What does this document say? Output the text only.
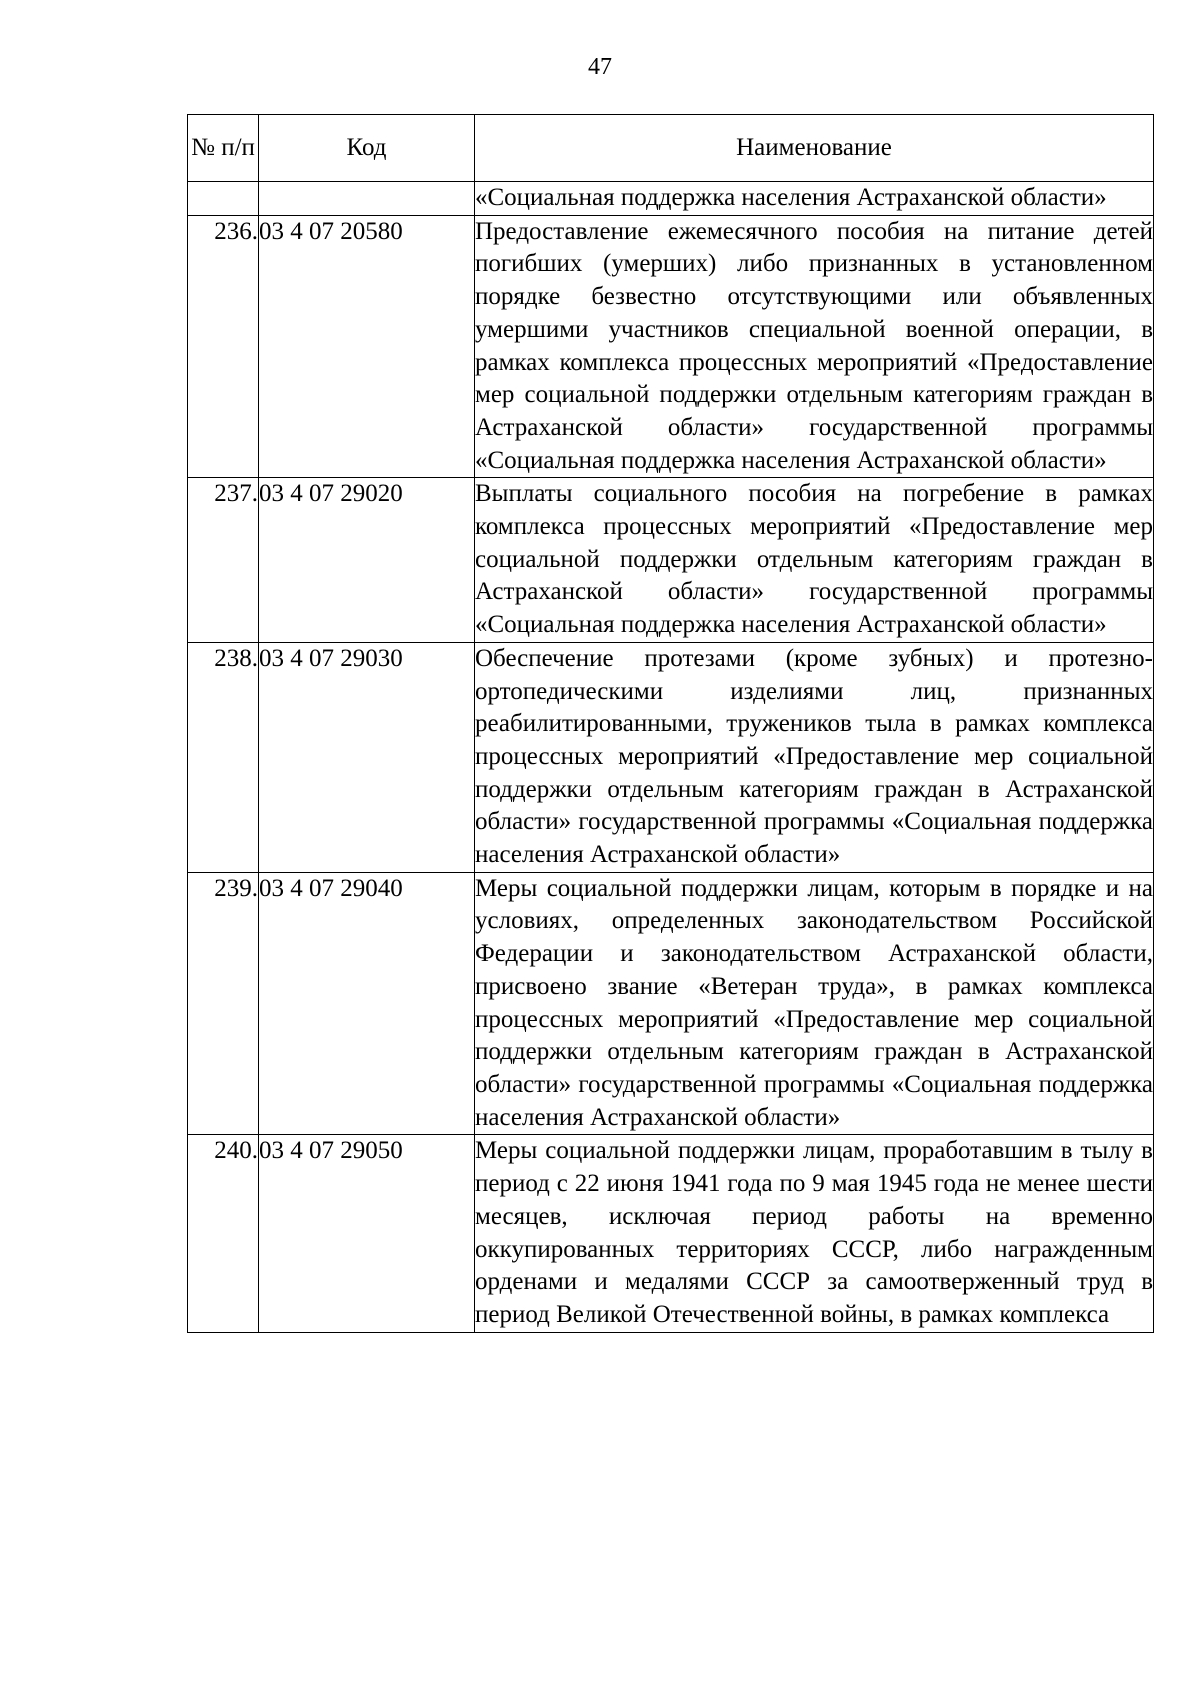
47
№ п/п	Код	Наименование

		«Социальная поддержка населения Астраханской области»
236.	03 4 07 20580	Предоставление ежемесячного пособия на питание детей погибших (умерших) либо признанных в установленном порядке безвестно отсутствующими или объявленных умершими участников специальной военной операции, в рамках комплекса процессных мероприятий «Предоставление мер социальной поддержки отдельным категориям граждан в Астраханской области» государственной программы «Социальная поддержка населения Астраханской области»
237.	03 4 07 29020	Выплаты социального пособия на погребение в рамках комплекса процессных мероприятий «Предоставление мер социальной поддержки отдельным категориям граждан в Астраханской области» государственной программы «Социальная поддержка населения Астраханской области»
238.	03 4 07 29030	Обеспечение протезами (кроме зубных) и протезно-ортопедическими изделиями лиц, признанных реабилитированными, тружеников тыла в рамках комплекса процессных мероприятий «Предоставление мер социальной поддержки отдельным категориям граждан в Астраханской области» государственной программы «Социальная поддержка населения Астраханской области»
239.	03 4 07 29040	Меры социальной поддержки лицам, которым в порядке и на условиях, определенных законодательством Российской Федерации и законодательством Астраханской области, присвоено звание «Ветеран труда», в рамках комплекса процессных мероприятий «Предоставление мер социальной поддержки отдельным категориям граждан в Астраханской области» государственной программы «Социальная поддержка населения Астраханской области»
240.	03 4 07 29050	Меры социальной поддержки лицам, проработавшим в тылу в период с 22 июня 1941 года по 9 мая 1945 года не менее шести месяцев, исключая период работы на временно оккупированных территориях СССР, либо награжденным орденами и медалями СССР за самоотверженный труд в период Великой Отечественной войны, в рамках комплекса
